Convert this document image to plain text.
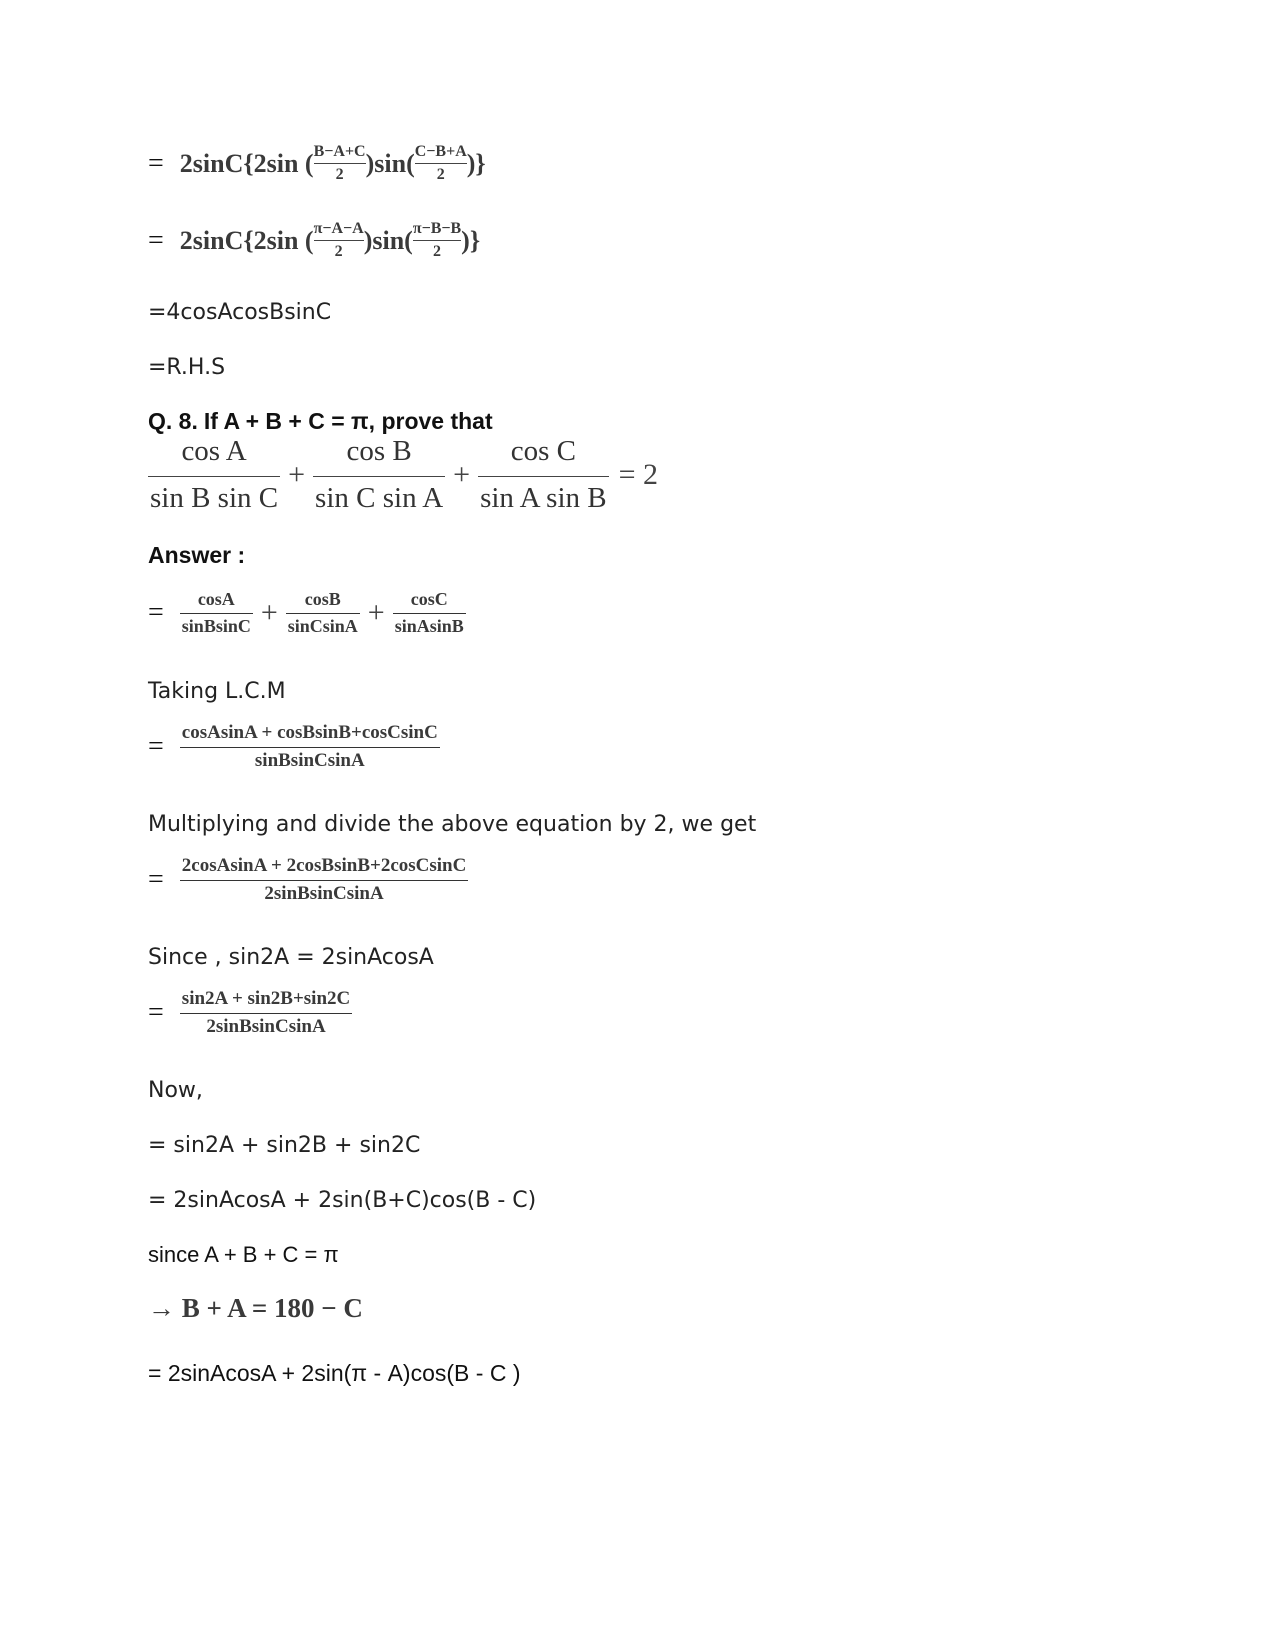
= 2sinC{2sin ( $\frac{B-A+C}{2} )\sin( \frac{C-B+A}{2}$ )}
= 2sinC{2sin ( $\frac{\pi-A-A}{2} )\sin( \frac{\pi-B-B}{2}$ )}
=4cosAcosBsinC
=R.H.S
Q. 8. If A + B + C = π, prove that
$\frac{\text{cos A}}{\text{sin B sin C}} + \frac{\text{cos B}}{\text{sin C sin A}} + \frac{\text{cos C}}{\text{sin A sin B}} = 2$
Answer :
= $\frac{\cos A}{\text{sinBsinC}} + \frac{\cos B}{\text{sinCsinA}} + \frac{\cos C}{\text{sinAsinB}}$
Taking L.C.M
= $\frac{\text{cosAsinA + cosBsinB+cosCsinC}}{\text{sinBsinCsinA}}$
Multiplying and divide the above equation by 2, we get
= $\frac{\text{2cosAsinA + 2cosBsinB+2cosCsinC}}{\text{2sinBsinCsinA}}$
Since , sin2A = 2sinAcosA
= $\frac{\sin 2A + \sin 2B+\sin 2C}{\text{2sinBsinCsinA}}$
Now,
= sin2A + sin2B + sin2C
= 2sinAcosA + 2sin(B+C)cos(B - C)
since A + B + C = π
→ B + A = 180 − C
= 2sinAcosA + 2sin(π - A)cos(B - C )
